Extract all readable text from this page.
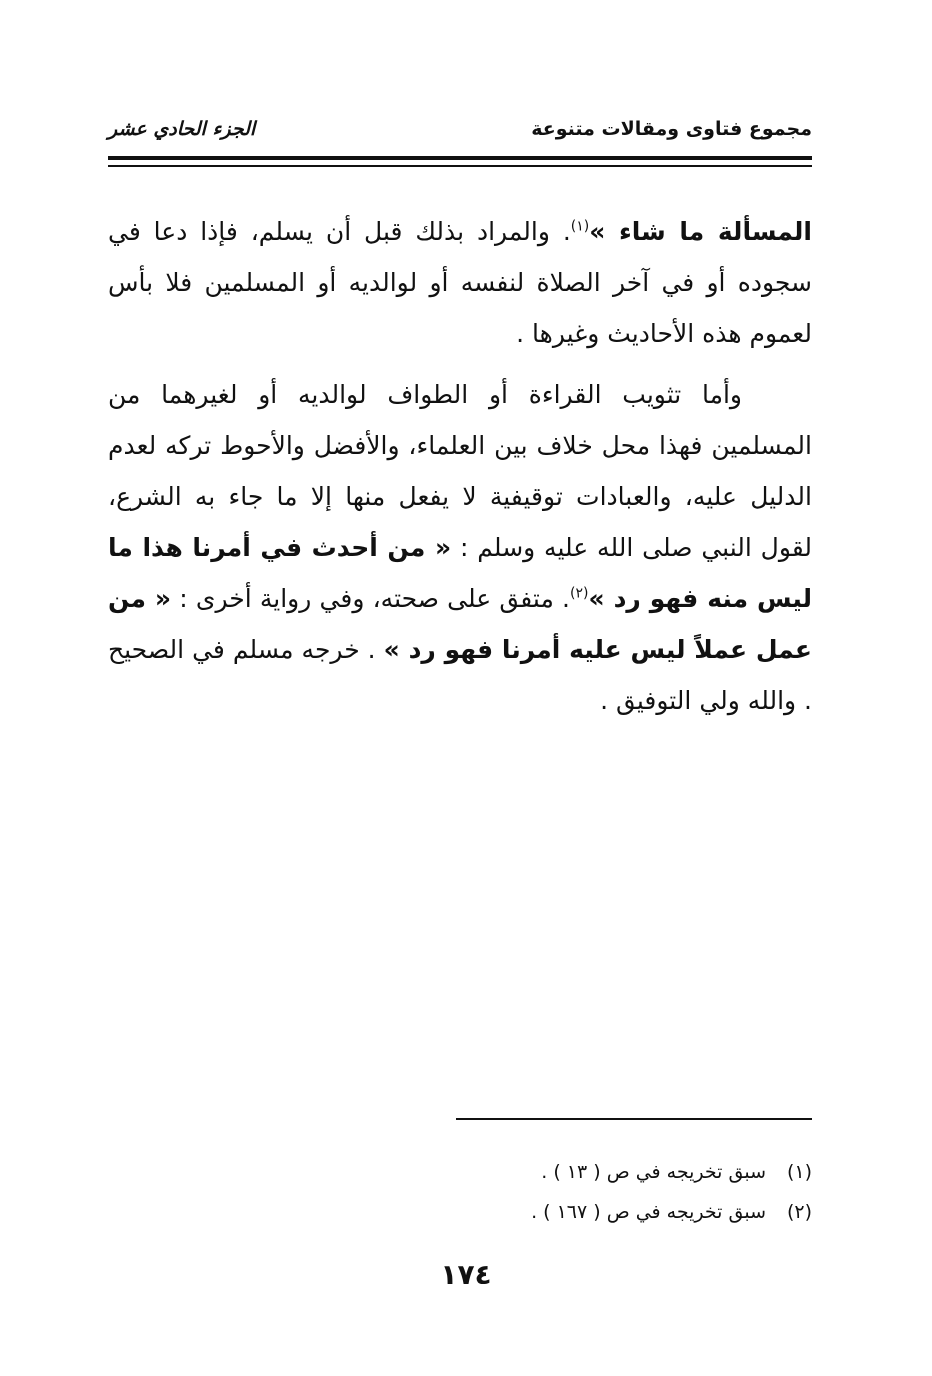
مجموع فتاوى ومقالات متنوعة
الجزء الحادي عشر

المسألة ما شاء »$^{(١)}$. والمراد بذلك قبل أن يسلم، فإذا دعا في سجوده أو في آخر الصلاة لنفسه أو لوالديه أو المسلمين فلا بأس لعموم هذه الأحاديث وغيرها .

وأما تثويب القراءة أو الطواف لوالديه أو لغيرهما من المسلمين فهذا محل خلاف بين العلماء، والأفضل والأحوط تركه لعدم الدليل عليه، والعبادات توقيفية لا يفعل منها إلا ما جاء به الشرع، لقول النبي صلى الله عليه وسلم : « من أحدث في أمرنا هذا ما ليس منه فهو رد »$^{(٢)}$. متفق على صحته، وفي رواية أخرى : « من عمل عملاً ليس عليه أمرنا فهو رد » . خرجه مسلم في الصحيح . والله ولي التوفيق .

(١)سبق تخريجه في ص ( ١٣ ) .
(٢)سبق تخريجه في ص ( ١٦٧ ) .
١٧٤
